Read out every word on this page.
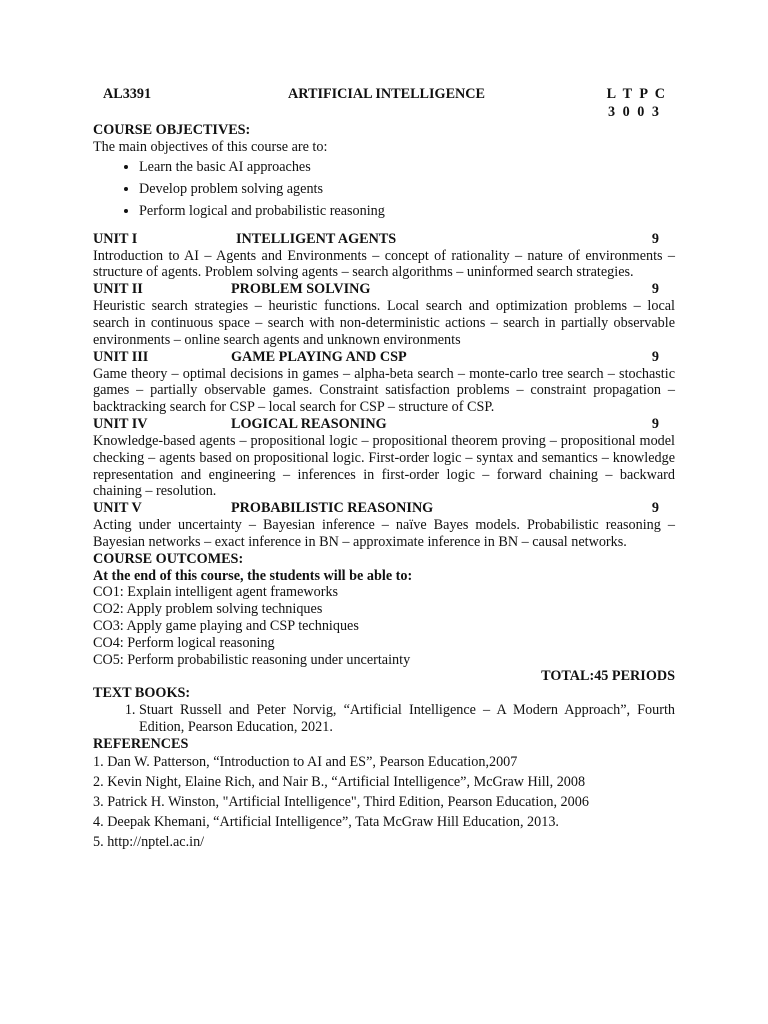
AL3391	ARTIFICIAL INTELLIGENCE	L T P C
3 0 0 3
COURSE OBJECTIVES:

The main objectives of this course are to:

• Learn the basic AI approaches
• Develop problem solving agents
• Perform logical and probabilistic reasoning
UNIT I	INTELLIGENT AGENTS	9

Introduction to AI – Agents and Environments – concept of rationality – nature of environments – structure of agents. Problem solving agents – search algorithms – uninformed search strategies.

UNIT II	PROBLEM SOLVING	9

Heuristic search strategies – heuristic functions. Local search and optimization problems – local search in continuous space – search with non-deterministic actions – search in partially observable environments – online search agents and unknown environments

UNIT III	GAME PLAYING AND CSP	9

Game theory – optimal decisions in games – alpha-beta search – monte-carlo tree search – stochastic games – partially observable games. Constraint satisfaction problems – constraint propagation – backtracking search for CSP – local search for CSP – structure of CSP.

UNIT IV	LOGICAL REASONING	9

Knowledge-based agents – propositional logic – propositional theorem proving – propositional model checking – agents based on propositional logic. First-order logic – syntax and semantics – knowledge representation and engineering – inferences in first-order logic – forward chaining – backward chaining – resolution.

UNIT V	PROBABILISTIC REASONING	9

Acting under uncertainty – Bayesian inference – naïve Bayes models. Probabilistic reasoning – Bayesian networks – exact inference in BN – approximate inference in BN – causal networks.

COURSE OUTCOMES:
At the end of this course, the students will be able to:
CO1: Explain intelligent agent frameworks
CO2: Apply problem solving techniques
CO3: Apply game playing and CSP techniques
CO4: Perform logical reasoning
CO5: Perform probabilistic reasoning under uncertainty
TOTAL:45 PERIODS
TEXT BOOKS:
1. Stuart Russell and Peter Norvig, “Artificial Intelligence – A Modern Approach”, Fourth Edition, Pearson Education, 2021.
REFERENCES

1. Dan W. Patterson, “Introduction to AI and ES”, Pearson Education,2007

2. Kevin Night, Elaine Rich, and Nair B., “Artificial Intelligence”, McGraw Hill, 2008

3. Patrick H. Winston, "Artificial Intelligence", Third Edition, Pearson Education, 2006

4. Deepak Khemani, “Artificial Intelligence”, Tata McGraw Hill Education, 2013.

5. http://nptel.ac.in/
